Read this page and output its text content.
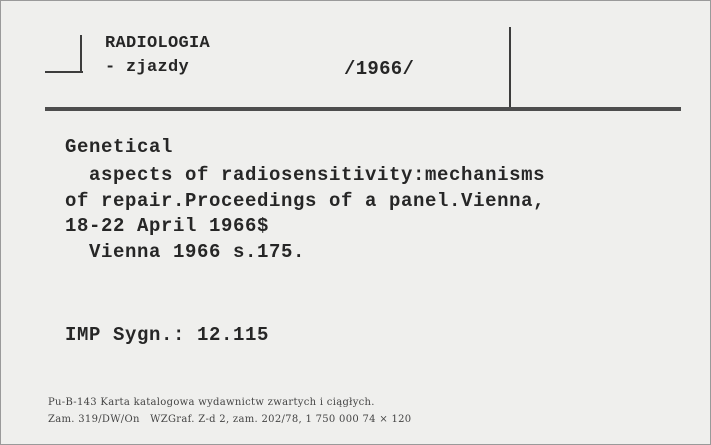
RADIOLOGIA
- zjazdy	/1966/
Genetical
aspects of radiosensitivity:mechanisms
of repair.Proceedings of a panel.Vienna,
18-22 April 1966$
Vienna 1966 s.175.
IMP Sygn.: 12.115
Pu-B-143 Karta katalogowa wydawnictw zwartych i ciągłych.
Zam. 319/DW/On   WZGraf. Z-d 2, zam. 202/78, 1 750 000 74 × 120
